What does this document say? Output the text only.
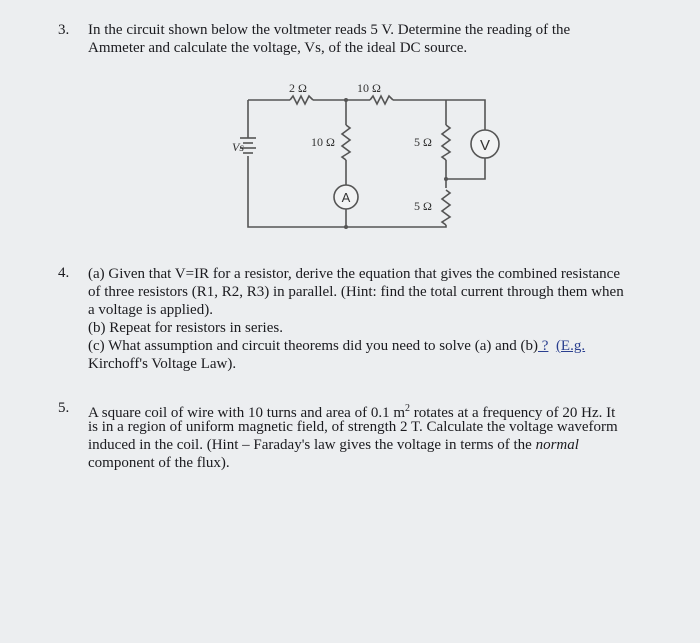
3. In the circuit shown below the voltmeter reads 5 V. Determine the reading of the
Ammeter and calculate the voltage, Vs, of the ideal DC source.
Vs
2 Ω	10 Ω
10 Ω	5 Ω
5 Ω
A
V
4. (a) Given that V=IR for a resistor, derive the equation that gives the combined resistance
of three resistors (R1, R2, R3) in parallel. (Hint: find the total current through them when
a voltage is applied).
(b) Repeat for resistors in series.
(c) What assumption and circuit theorems did you need to solve (a) and (b) ? (E.g.
Kirchoff's Voltage Law).
5. A square coil of wire with 10 turns and area of 0.1 $m^2$ rotates at a frequency of 20 Hz. It
is in a region of uniform magnetic field, of strength 2 T. Calculate the voltage waveform
induced in the coil. (Hint – Faraday's law gives the voltage in terms of the normal
component of the flux).
